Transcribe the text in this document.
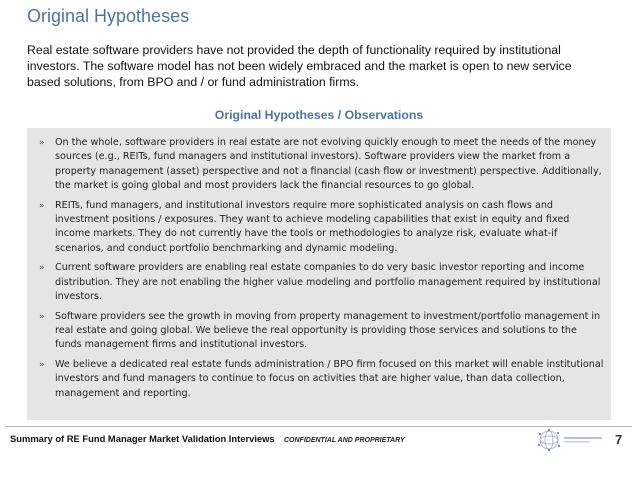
Original Hypotheses

Real estate software providers have not provided the depth of functionality required by institutional investors. The software model has not been widely embraced and the market is open to new service based solutions, from BPO and / or fund administration firms.

Original Hypotheses / Observations
» On the whole, software providers in real estate are not evolving quickly enough to meet the needs of the money sources (e.g., REITs, fund managers and institutional investors). Software providers view the market from a property management (asset) perspective and not a financial (cash flow or investment) perspective. Additionally, the market is going global and most providers lack the financial resources to go global.
» REITs, fund managers, and institutional investors require more sophisticated analysis on cash flows and investment positions / exposures. They want to achieve modeling capabilities that exist in equity and fixed income markets. They do not currently have the tools or methodologies to analyze risk, evaluate what-if scenarios, and conduct portfolio benchmarking and dynamic modeling.
» Current software providers are enabling real estate companies to do very basic investor reporting and income distribution. They are not enabling the higher value modeling and portfolio management required by institutional investors.
» Software providers see the growth in moving from property management to investment/portfolio management in real estate and going global. We believe the real opportunity is providing those services and solutions to the funds management firms and institutional investors.
» We believe a dedicated real estate funds administration / BPO firm focused on this market will enable institutional investors and fund managers to continue to focus on activities that are higher value, than data collection, management and reporting.
Summary of RE Fund Manager Market Validation Interviews CONFIDENTIAL AND PROPRIETARY	7
